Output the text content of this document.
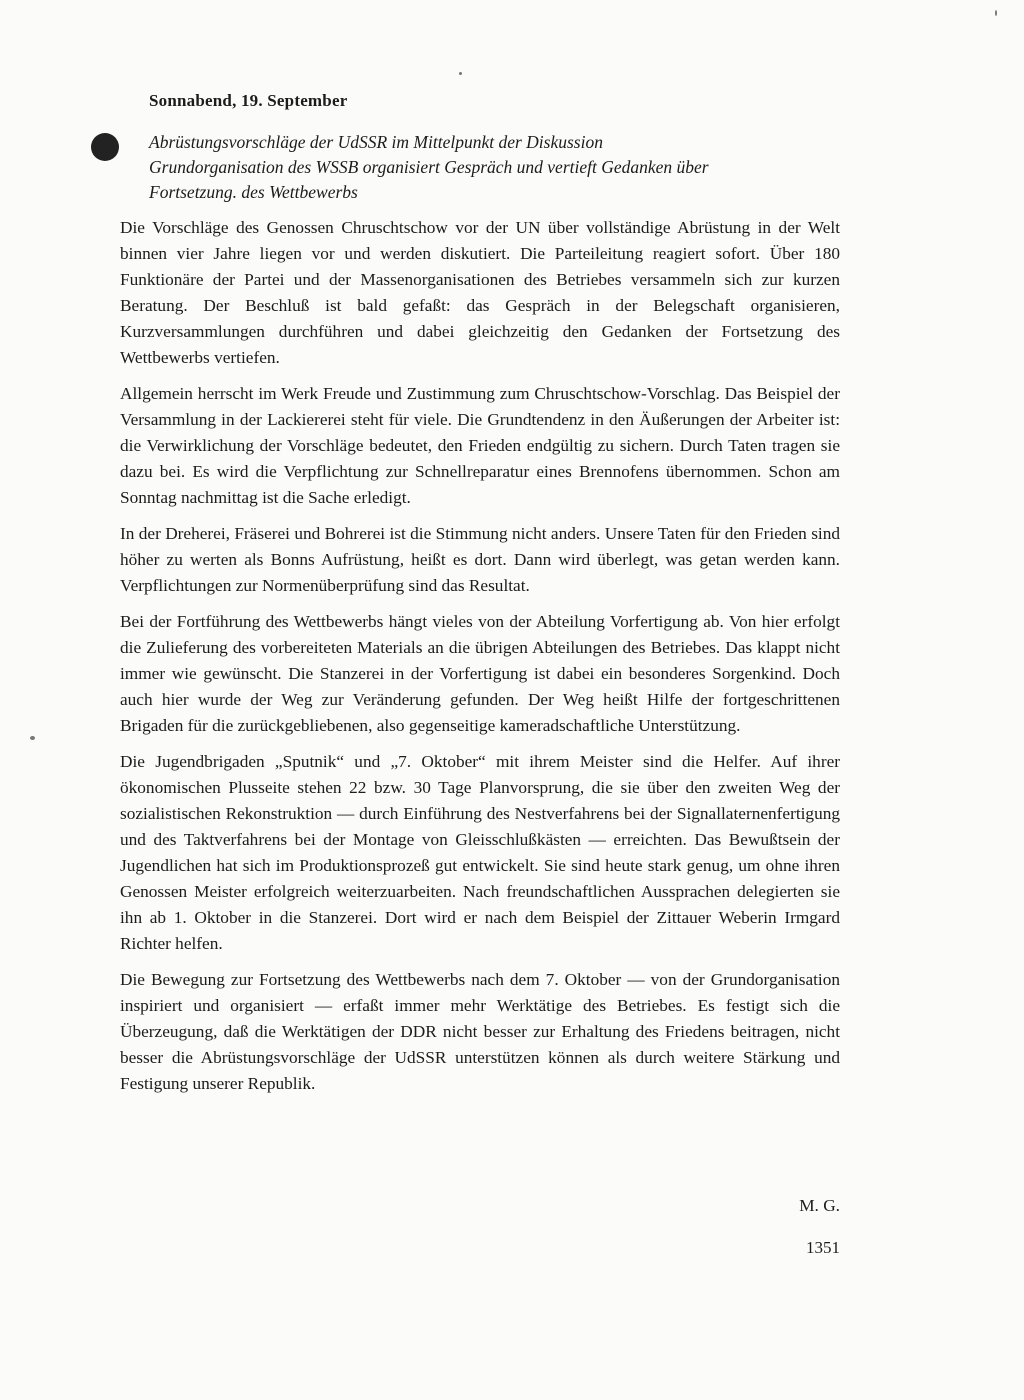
Sonnabend, 19. September
Abrüstungsvorschläge der UdSSR im Mittelpunkt der Diskussion
Grundorganisation des WSSB organisiert Gespräch und vertieft Gedanken über
Fortsetzung. des Wettbewerbs

Die Vorschläge des Genossen Chruschtschow vor der UN über vollständige Abrüstung in der Welt binnen vier Jahre liegen vor und werden diskutiert. Die Parteileitung reagiert sofort. Über 180 Funktionäre der Partei und der Massenorganisationen des Betriebes versammeln sich zur kurzen Beratung. Der Beschluß ist bald gefaßt: das Gespräch in der Belegschaft organisieren, Kurzversammlungen durchführen und dabei gleichzeitig den Gedanken der Fortsetzung des Wettbewerbs vertiefen.

Allgemein herrscht im Werk Freude und Zustimmung zum Chruschtschow-Vorschlag. Das Beispiel der Versammlung in der Lackiererei steht für viele. Die Grundtendenz in den Äußerungen der Arbeiter ist: die Verwirklichung der Vorschläge bedeutet, den Frieden endgültig zu sichern. Durch Taten tragen sie dazu bei. Es wird die Verpflichtung zur Schnellreparatur eines Brennofens übernommen. Schon am Sonntag nachmittag ist die Sache erledigt.

In der Dreherei, Fräserei und Bohrerei ist die Stimmung nicht anders. Unsere Taten für den Frieden sind höher zu werten als Bonns Aufrüstung, heißt es dort. Dann wird überlegt, was getan werden kann. Verpflichtungen zur Normenüberprüfung sind das Resultat.

Bei der Fortführung des Wettbewerbs hängt vieles von der Abteilung Vorfertigung ab. Von hier erfolgt die Zulieferung des vorbereiteten Materials an die übrigen Abteilungen des Betriebes. Das klappt nicht immer wie gewünscht. Die Stanzerei in der Vorfertigung ist dabei ein besonderes Sorgenkind. Doch auch hier wurde der Weg zur Veränderung gefunden. Der Weg heißt Hilfe der fortgeschrittenen Brigaden für die zurückgebliebenen, also gegenseitige kameradschaftliche Unterstützung.

Die Jugendbrigaden „Sputnik“ und „7. Oktober“ mit ihrem Meister sind die Helfer. Auf ihrer ökonomischen Plusseite stehen 22 bzw. 30 Tage Planvorsprung, die sie über den zweiten Weg der sozialistischen Rekonstruktion — durch Einführung des Nestverfahrens bei der Signallaternenfertigung und des Taktverfahrens bei der Montage von Gleisschlußkästen — erreichten. Das Bewußtsein der Jugendlichen hat sich im Produktionsprozeß gut entwickelt. Sie sind heute stark genug, um ohne ihren Genossen Meister erfolgreich weiterzuarbeiten. Nach freundschaftlichen Aussprachen delegierten sie ihn ab 1. Oktober in die Stanzerei. Dort wird er nach dem Beispiel der Zittauer Weberin Irmgard Richter helfen.

Die Bewegung zur Fortsetzung des Wettbewerbs nach dem 7. Oktober — von der Grundorganisation inspiriert und organisiert — erfaßt immer mehr Werktätige des Betriebes. Es festigt sich die Überzeugung, daß die Werktätigen der DDR nicht besser zur Erhaltung des Friedens beitragen, nicht besser die Abrüstungsvorschläge der UdSSR unterstützen können als durch weitere Stärkung und Festigung unserer Republik.

M. G.
1351
